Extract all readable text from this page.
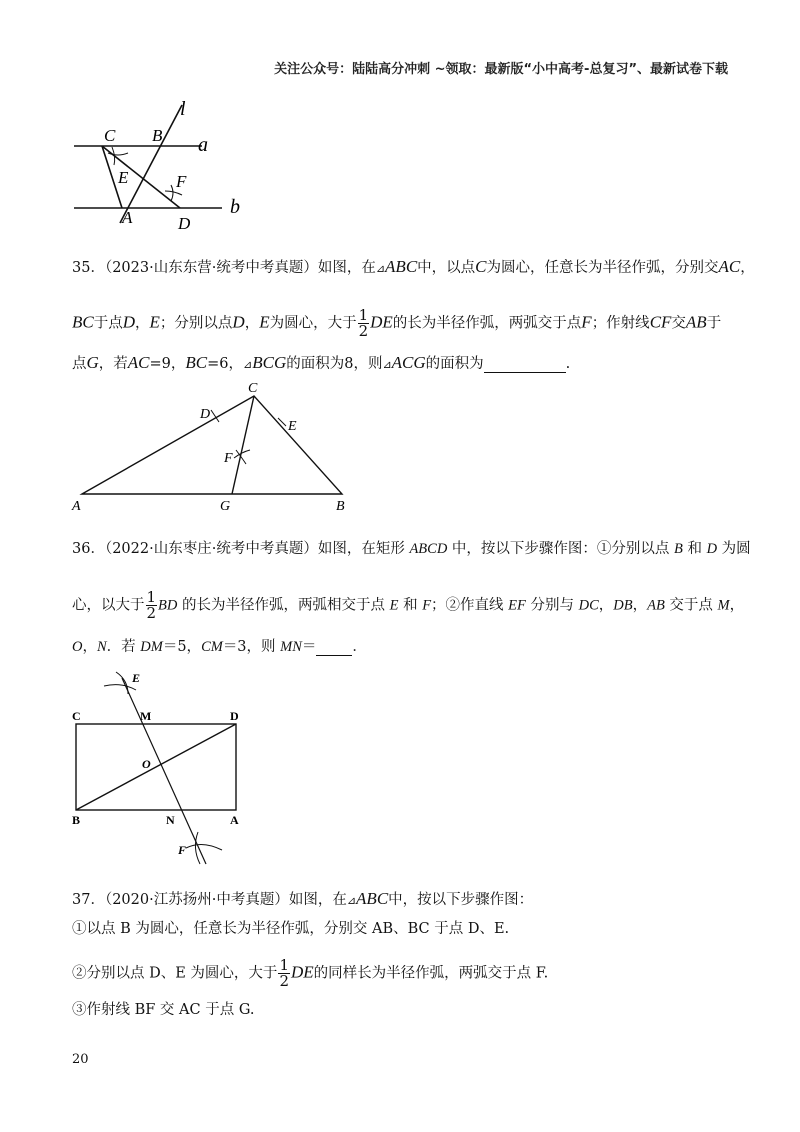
关注公众号：陆陆高分冲刺 ~领取：最新版“小中高考-总复习”、最新试卷下载
l
a
b
C B
E	F
A	D
35．（2023·山东东营·统考中考真题）如图，在⊿ABC中，以点C为圆心，任意长为半径作弧，分别交AC，
BC于点D，E；分别以点D，E为圆心，大于 $\frac{1}{2}$ DE的长为半径作弧，两弧交于点F；作射线CF交AB于
点G，若AC=9，BC=6，⊿BCG的面积为8，则⊿ACG的面积为	.
C
D
E
F
A	G	B
36．（2022·山东枣庄·统考中考真题）如图，在矩形 ABCD 中，按以下步骤作图：①分别以点 B 和 D 为圆
心，以大于 $\frac{1}{2}$ BD 的长为半径作弧，两弧相交于点 E 和 F；②作直线 EF 分别与 DC，DB，AB 交于点 M，
O，N．若 DM＝5，CM＝3，则 MN＝ ．
E
C	M	D
O
B	N	A
F
37．（2020·江苏扬州·中考真题）如图，在⊿ABC中，按以下步骤作图：
①以点 B 为圆心，任意长为半径作弧，分别交 AB、BC 于点 D、E.
②分别以点 D、E 为圆心，大于 $\frac{1}{2}$ DE的同样长为半径作弧，两弧交于点 F.
③作射线 BF 交 AC 于点 G.
20
